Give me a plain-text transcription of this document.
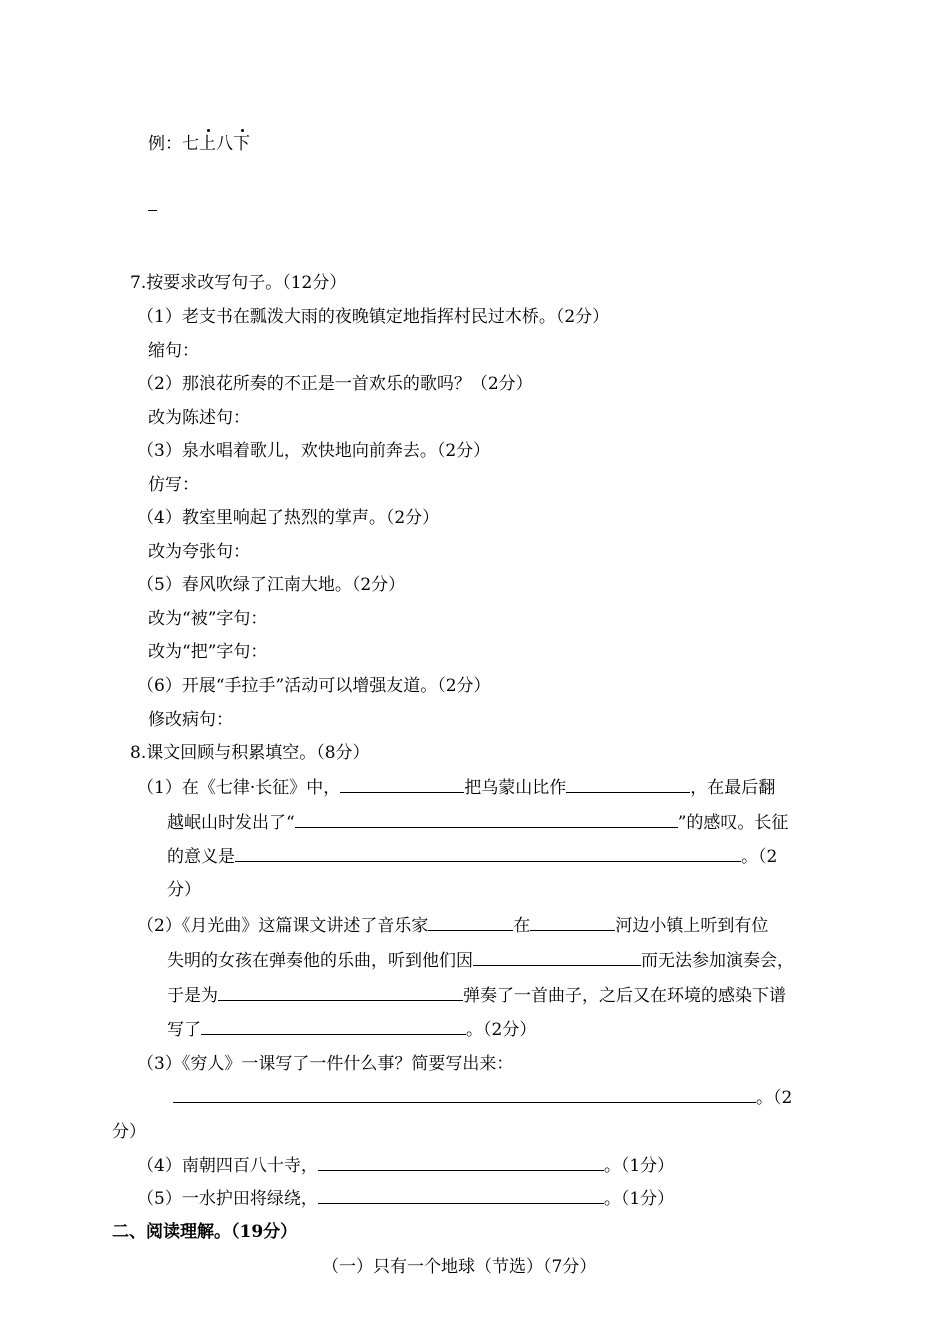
例：七上八下
7.按要求改写句子。（12分）
（1）老支书在瓢泼大雨的夜晚镇定地指挥村民过木桥。（2分）
缩句：
（2）那浪花所奏的不正是一首欢乐的歌吗？（2分）
改为陈述句：
（3）泉水唱着歌儿，欢快地向前奔去。（2分）
仿写：
（4）教室里响起了热烈的掌声。（2分）
改为夸张句：
（5）春风吹绿了江南大地。（2分）
改为“被”字句：
改为“把”字句：
（6）开展“手拉手”活动可以增强友道。（2分）
修改病句：
8.课文回顾与积累填空。（8分）
（1）在《七律·长征》中，	把乌蒙山比作	，在最后翻
越岷山时发出了“	”的感叹。长征
的意义是	。（2
分）
（2）《月光曲》这篇课文讲述了音乐家	在	河边小镇上听到有位
失明的女孩在弹奏他的乐曲，听到他们因	而无法参加演奏会，
于是为	弹奏了一首曲子，之后又在环境的感染下谱
写了	。（2分）
（3）《穷人》一课写了一件什么事？简要写出来：
。（2
分）
（4）南朝四百八十寺，	。（1分）
（5）一水护田将绿绕，	。（1分）
二、阅读理解。（19分）
（一）只有一个地球（节选）（7分）
